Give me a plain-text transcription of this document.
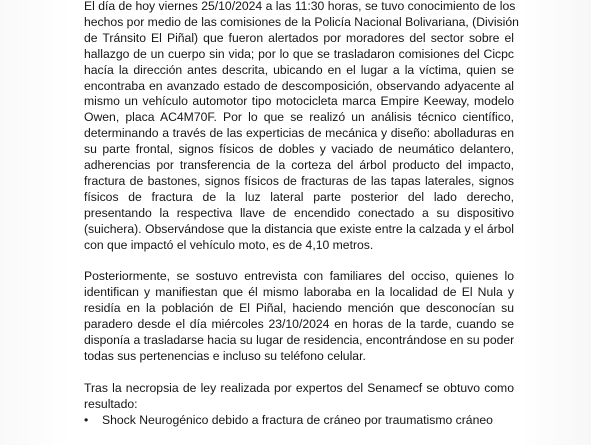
El día de hoy viernes 25/10/2024 a las 11:30 horas, se tuvo conocimiento de los
hechos por medio de las comisiones de la Policía Nacional Bolivariana, (División
de Tránsito El Piñal) que fueron alertados por moradores del sector sobre el
hallazgo de un cuerpo sin vida; por lo que se trasladaron comisiones del Cicpc
hacía la dirección antes descrita, ubicando en el lugar a la víctima, quien se
encontraba en avanzado estado de descomposición, observando adyacente al
mismo un vehículo automotor tipo motocicleta marca Empire Keeway, modelo
Owen, placa AC4M70F. Por lo que se realizó un análisis técnico científico,
determinando a través de las experticias de mecánica y diseño: abolladuras en
su parte frontal, signos físicos de dobles y vaciado de neumático delantero,
adherencias por transferencia de la corteza del árbol producto del impacto,
fractura de bastones, signos físicos de fracturas de las tapas laterales, signos
físicos de fractura de la luz lateral parte posterior del lado derecho,
presentando la respectiva llave de encendido conectado a su dispositivo
(suichera). Observándose que la distancia que existe entre la calzada y el árbol
con que impactó el vehículo moto, es de 4,10 metros.
Posteriormente, se sostuvo entrevista con familiares del occiso, quienes lo
identifican y manifiestan que él mismo laboraba en la localidad de El Nula y
residía en la población de El Piñal, haciendo mención que desconocían su
paradero desde el día miércoles 23/10/2024 en horas de la tarde, cuando se
disponía a trasladarse hacia su lugar de residencia, encontrándose en su poder
todas sus pertenencias e incluso su teléfono celular.
Tras la necropsia de ley realizada por expertos del Senamecf se obtuvo como
resultado:
• Shock Neurogénico debido a fractura de cráneo por traumatismo cráneo
